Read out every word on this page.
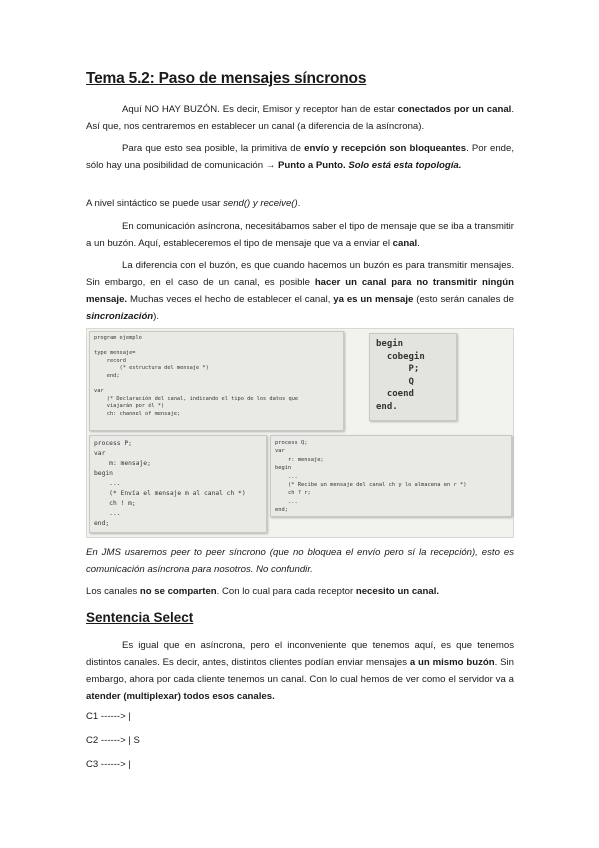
Tema 5.2: Paso de mensajes síncronos
Aquí NO HAY BUZÓN. Es decir, Emisor y receptor han de estar conectados por un canal. Así que, nos centraremos en establecer un canal (a diferencia de la asíncrona).
Para que esto sea posible, la primitiva de envío y recepción son bloqueantes. Por ende, sólo hay una posibilidad de comunicación → Punto a Punto. Solo está esta topología.
A nivel sintáctico se puede usar send() y receive().
En comunicación asíncrona, necesitábamos saber el tipo de mensaje que se iba a transmitir a un buzón. Aquí, estableceremos el tipo de mensaje que va a enviar el canal.
La diferencia con el buzón, es que cuando hacemos un buzón es para transmitir mensajes. Sin embargo, en el caso de un canal, es posible hacer un canal para no transmitir ningún mensaje. Muchas veces el hecho de establecer el canal, ya es un mensaje (esto serán canales de sincronización).
program ejemplo

type mensaje=
record
(* estructura del mensaje *)
end;

var
(* Declaración del canal, indicando el tipo de los datos que
viajarán por él *)
ch: channel of mensaje;
begin
cobegin
P;
Q
coend
end.
process P;
var
m: mensaje;
begin
...
(* Envía el mensaje m al canal ch *)
ch ! m;
...
end;
process Q;
var
r: mensaje;
begin
...
(* Recibe un mensaje del canal ch y lo almacena en r *)
ch ? r;
...
end;
En JMS usaremos peer to peer síncrono (que no bloquea el envío pero sí la recepción), esto es comunicación asíncrona para nosotros. No confundir.
Los canales no se comparten. Con lo cual para cada receptor necesito un canal.
Sentencia Select
Es igual que en asíncrona, pero el inconveniente que tenemos aquí, es que tenemos distintos canales. Es decir, antes, distintos clientes podían enviar mensajes a un mismo buzón. Sin embargo, ahora por cada cliente tenemos un canal. Con lo cual hemos de ver como el servidor va a atender (multiplexar) todos esos canales.
C1 ------> |
C2 ------> | S
C3 ------> |
